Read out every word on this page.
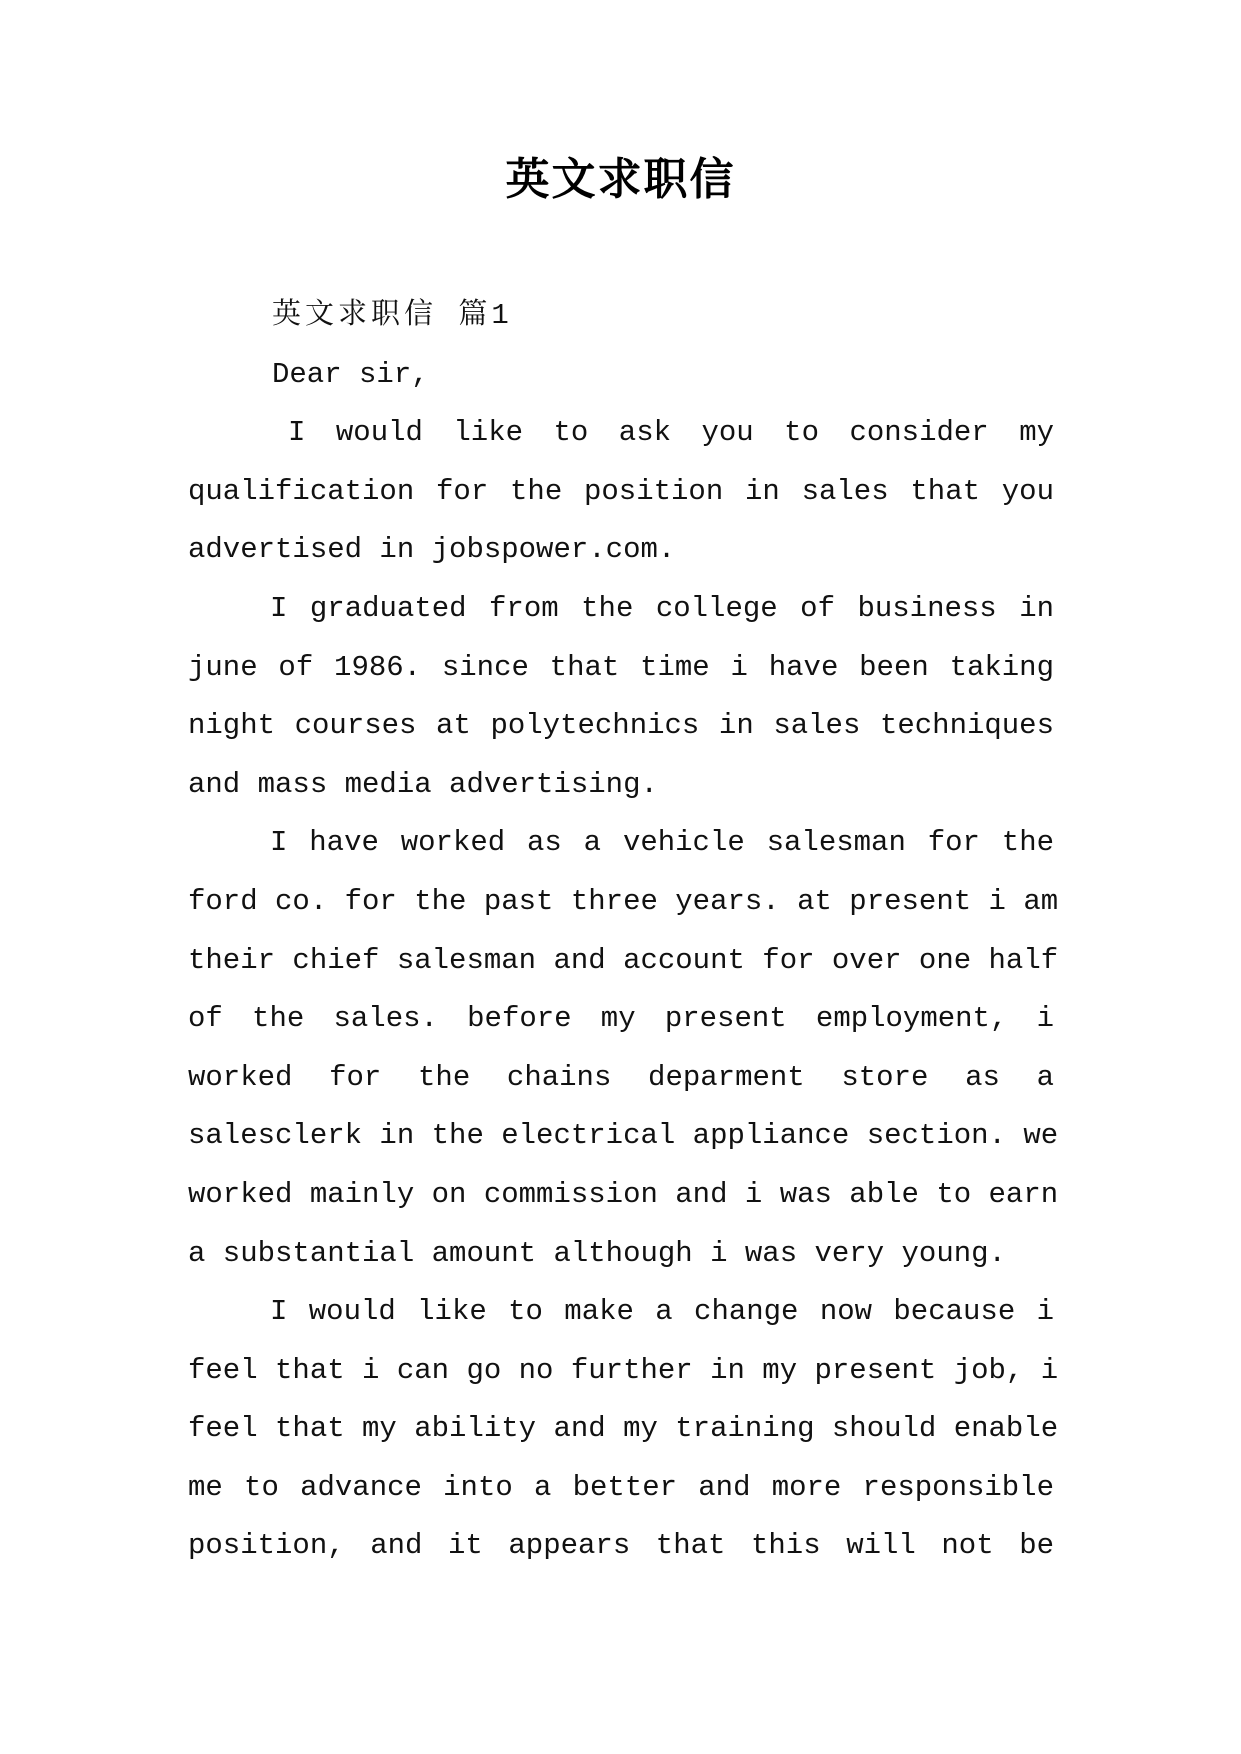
英文求职信
英文求职信 篇1
Dear sir,
I would like to ask you to consider my
qualification for the position in sales that you
advertised in jobspower.com.
I graduated from the college of business in
june of 1986. since that time i have been taking
night courses at polytechnics in sales techniques
and mass media advertising.
I have worked as a vehicle salesman for the
ford co. for the past three years. at present i am
their chief salesman and account for over one half
of the sales. before my present employment, i
worked for the chains deparment store as a
salesclerk in the electrical appliance section. we
worked mainly on commission and i was able to earn
a substantial amount although i was very young.
I would like to make a change now because i
feel that i can go no further in my present job, i
feel that my ability and my training should enable
me to advance into a better and more responsible
position, and it appears that this will not be
